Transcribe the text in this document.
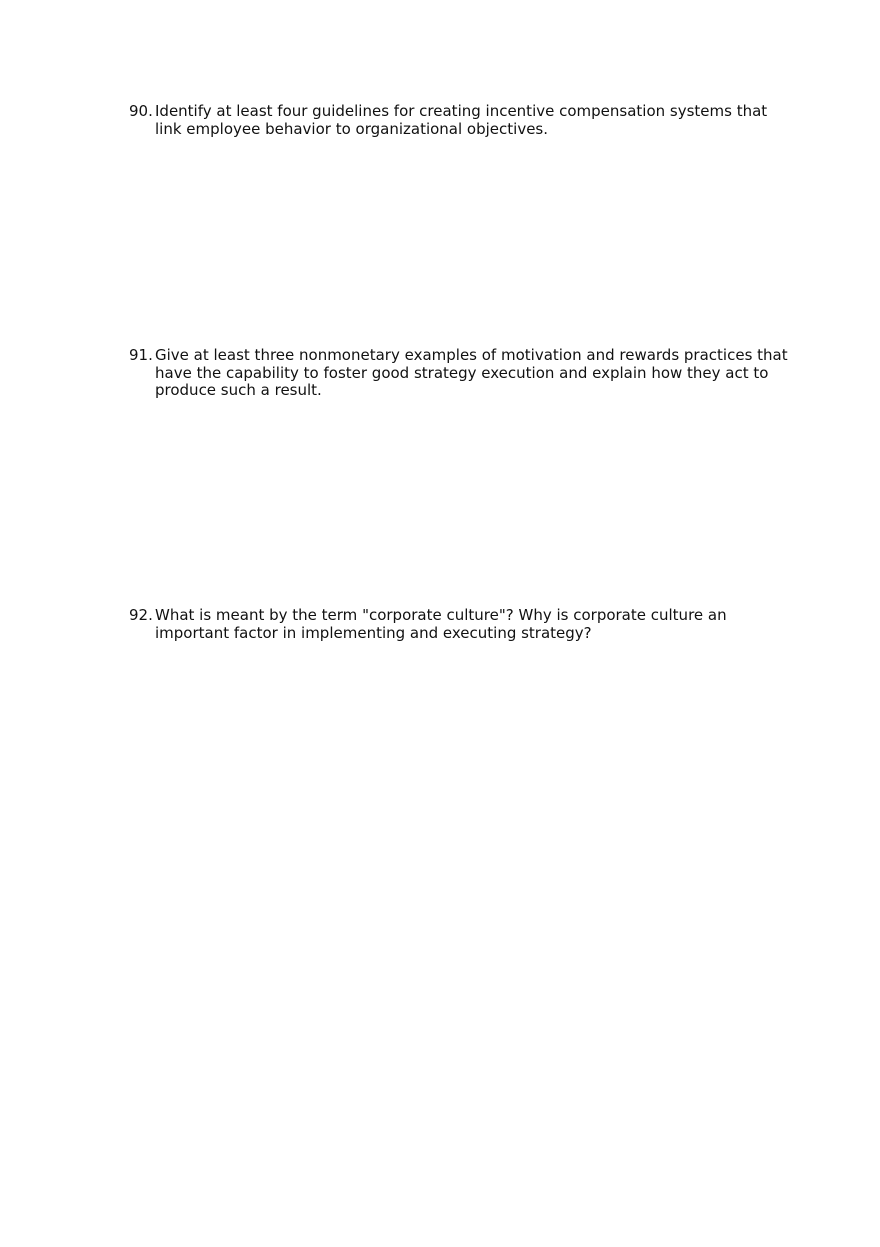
90. Identify at least four guidelines for creating incentive compensation systems that link employee behavior to organizational objectives.
91. Give at least three nonmonetary examples of motivation and rewards practices that have the capability to foster good strategy execution and explain how they act to produce such a result.
92. What is meant by the term "corporate culture"? Why is corporate culture an important factor in implementing and executing strategy?
